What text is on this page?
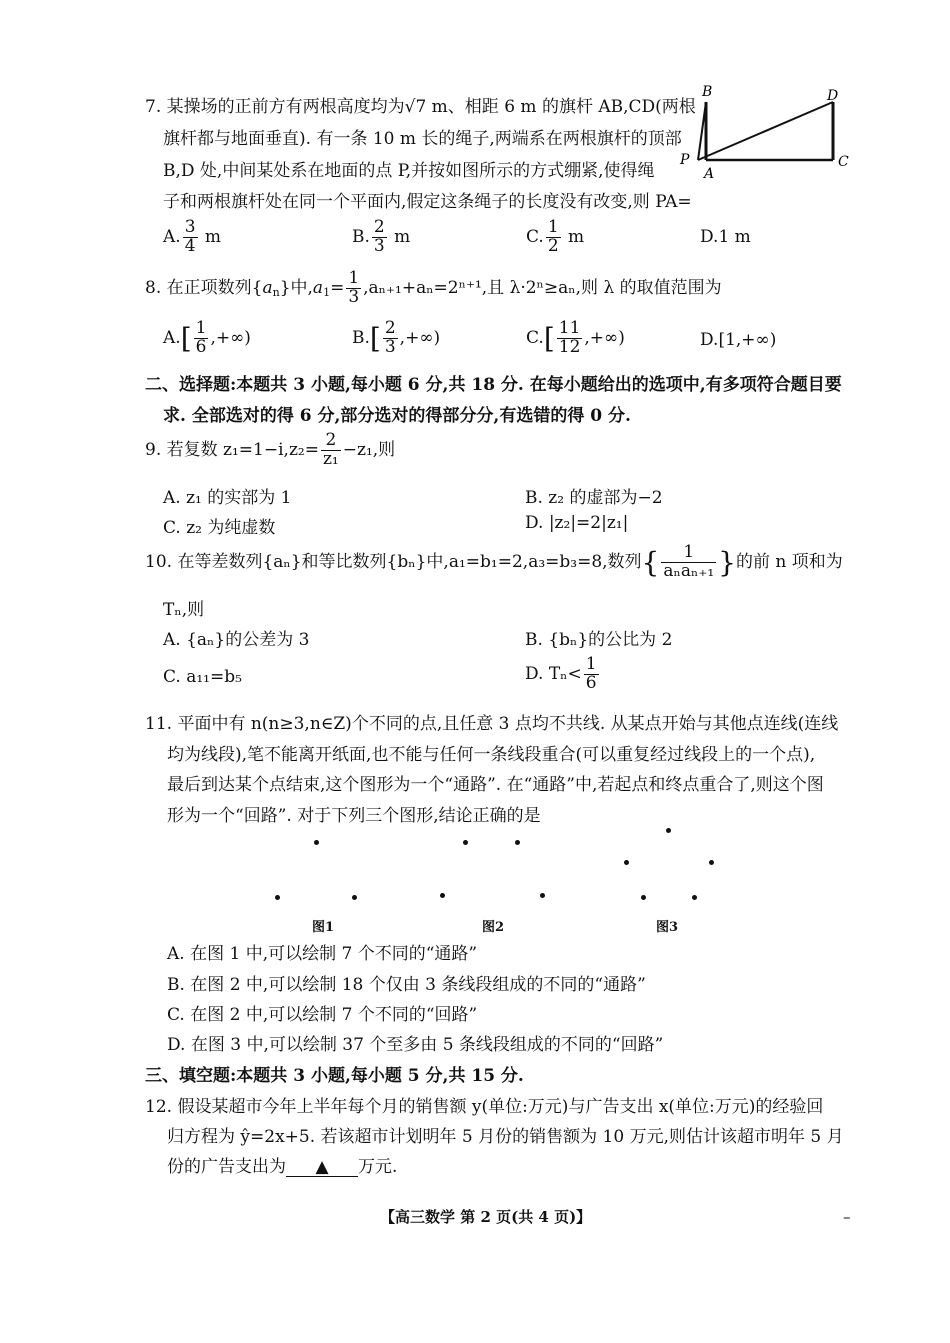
7. 某操场的正前方有两根高度均为√7 m、相距 6 m 的旗杆 AB,CD(两根
旗杆都与地面垂直). 有一条 10 m 长的绳子,两端系在两根旗杆的顶部
B,D 处,中间某处系在地面的点 P,并按如图所示的方式绷紧,使得绳
子和两根旗杆处在同一个平面内,假定这条绳子的长度没有改变,则 PA=
B	D
P
A
C
A. $\frac{3}{4}$ m	B. $\frac{2}{3}$ m	C. $\frac{1}{2}$ m	D.1 m
8. 在正项数列$\{a_n\}$中$,a_1= \frac{1}{3} ,a_{n+1}+a_n=2^{n+1}$,且 λ·2ⁿ≥aₙ,则 λ 的取值范围为
$A.[ \frac{1}{6}$ ,+∞)	$B.[ \frac{2}{3}$ ,+∞)	$C.[ \frac{11}{12}$ ,+∞)	D.[1,+∞)
二、选择题:本题共 3 小题,每小题 6 分,共 18 分. 在每小题给出的选项中,有多项符合题目要
求. 全部选对的得 6 分,部分选对的得部分分,有选错的得 0 分.
9. 若复数 $z_1=1-i,z_2= \frac{2}{\text{z₁}} -z_1$,则
A. z₁ 的实部为 1	B. z₂ 的虚部为−2
C. z₂ 为纯虚数	D. |z₂|=2|z₁|
10. 在等差数列{aₙ}和等比数列{bₙ}中,a₁=b₁=2,a₃=b₃=8,数列{ $\frac{1}{\text{aₙaₙ₊₁}}$ }的前 n 项和为
Tₙ,则
A. {aₙ}的公差为 3	B. {bₙ}的公比为 2
C. a₁₁=b₅	D. $T_n< \frac{1}{6}$
11. 平面中有 n(n≥3,n∈Z)个不同的点,且任意 3 点均不共线. 从某点开始与其他点连线(连线
均为线段),笔不能离开纸面,也不能与任何一条线段重合(可以重复经过线段上的一个点),
最后到达某个点结束,这个图形为一个“通路”. 在“通路”中,若起点和终点重合了,则这个图
形为一个“回路”. 对于下列三个图形,结论正确的是
图1	图2	图3
A. 在图 1 中,可以绘制 7 个不同的“通路”
B. 在图 2 中,可以绘制 18 个仅由 3 条线段组成的不同的“通路”
C. 在图 2 中,可以绘制 7 个不同的“回路”
D. 在图 3 中,可以绘制 37 个至多由 5 条线段组成的不同的“回路”
三、填空题:本题共 3 小题,每小题 5 分,共 15 分.
12. 假设某超市今年上半年每个月的销售额 y(单位:万元)与广告支出 x(单位:万元)的经验回
归方程为 ŷ=2x+5. 若该超市计划明年 5 月份的销售额为 10 万元,则估计该超市明年 5 月
份的广告支出为 ▲ 万元.
【高三数学 第 2 页(共 4 页)】	–
